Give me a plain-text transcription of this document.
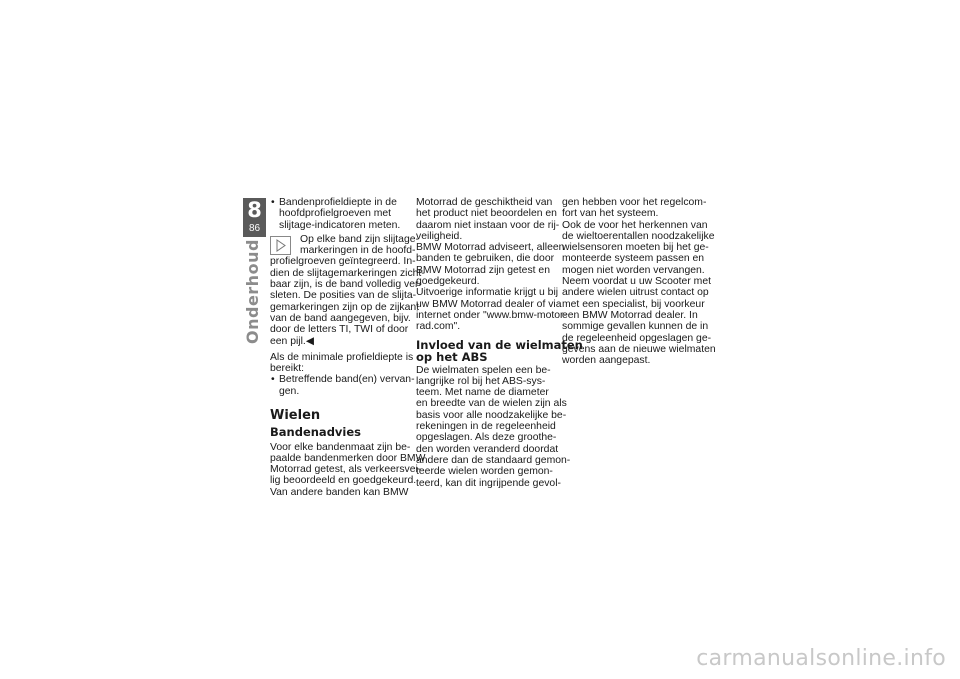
8
86
Onderhoud
• Bandenprofieldiepte in de
hoofdprofielgroeven met
slijtage-indicatoren meten.
Op elke band zijn slijtage-
markeringen in de hoofd-
profielgroeven geïntegreerd. In-
dien de slijtagemarkeringen zicht-
baar zijn, is de band volledig ver-
sleten. De posities van de slijta-
gemarkeringen zijn op de zijkant
van de band aangegeven, bijv.
door de letters TI, TWI of door
een pijl.◀
Als de minimale profieldiepte is
bereikt:
• Betreffende band(en) vervan-
gen.
Wielen
Bandenadvies
Voor elke bandenmaat zijn be-
paalde bandenmerken door BMW
Motorrad getest, als verkeersvei-
lig beoordeeld en goedgekeurd.
Van andere banden kan BMW
Motorrad de geschiktheid van
het product niet beoordelen en
daarom niet instaan voor de rij-
veiligheid.
BMW Motorrad adviseert, alleen
banden te gebruiken, die door
BMW Motorrad zijn getest en
goedgekeurd.
Uitvoerige informatie krijgt u bij
uw BMW Motorrad dealer of via
internet onder "www.bmw-motor-
rad.com".
Invloed van de wielmaten
op het ABS
De wielmaten spelen een be-
langrijke rol bij het ABS-sys-
teem. Met name de diameter
en breedte van de wielen zijn als
basis voor alle noodzakelijke be-
rekeningen in de regeleenheid
opgeslagen. Als deze groothe-
den worden veranderd doordat
andere dan de standaard gemon-
teerde wielen worden gemon-
teerd, kan dit ingrijpende gevol-
gen hebben voor het regelcom-
fort van het systeem.
Ook de voor het herkennen van
de wieltoerentallen noodzakelijke
wielsensoren moeten bij het ge-
monteerde systeem passen en
mogen niet worden vervangen.
Neem voordat u uw Scooter met
andere wielen uitrust contact op
met een specialist, bij voorkeur
een BMW Motorrad dealer. In
sommige gevallen kunnen de in
de regeleenheid opgeslagen ge-
gevens aan de nieuwe wielmaten
worden aangepast.
carmanualsonline.info
